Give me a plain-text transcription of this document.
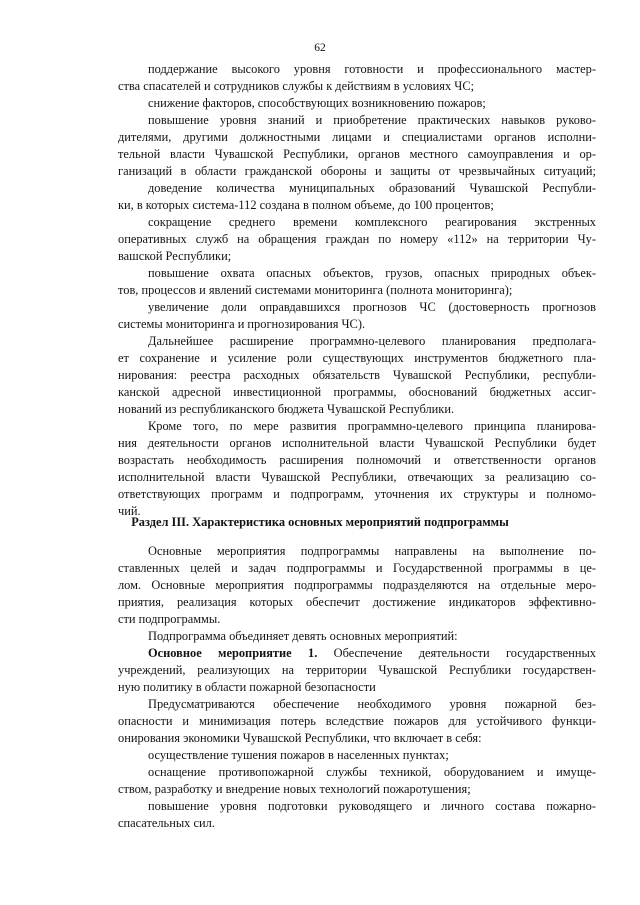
62
поддержание высокого уровня готовности и профессионального мастер-
ства спасателей и сотрудников службы к действиям в условиях ЧС;
снижение факторов, способствующих возникновению пожаров;
повышение уровня знаний и приобретение практических навыков руково-
дителями, другими должностными лицами и специалистами органов исполни-
тельной власти Чувашской Республики, органов местного самоуправления и ор-
ганизаций в области гражданской обороны и защиты от чрезвычайных ситуаций;
доведение количества муниципальных образований Чувашской Республи-
ки, в которых система-112 создана в полном объеме, до 100 процентов;
сокращение среднего времени комплексного реагирования экстренных
оперативных служб на обращения граждан по номеру «112» на территории Чу-
вашской Республики;
повышение охвата опасных объектов, грузов, опасных природных объек-
тов, процессов и явлений системами мониторинга (полнота мониторинга);
увеличение доли оправдавшихся прогнозов ЧС (достоверность прогнозов
системы мониторинга и прогнозирования ЧС).
Дальнейшее расширение программно-целевого планирования предполага-
ет сохранение и усиление роли существующих инструментов бюджетного пла-
нирования: реестра расходных обязательств Чувашской Республики, республи-
канской адресной инвестиционной программы, обоснований бюджетных ассиг-
нований из республиканского бюджета Чувашской Республики.
Кроме того, по мере развития программно-целевого принципа планирова-
ния деятельности органов исполнительной власти Чувашской Республики будет
возрастать необходимость расширения полномочий и ответственности органов
исполнительной власти Чувашской Республики, отвечающих за реализацию со-
ответствующих программ и подпрограмм, уточнения их структуры и полномо-
чий.
Раздел III. Характеристика основных мероприятий подпрограммы
Основные мероприятия подпрограммы направлены на выполнение по-
ставленных целей и задач подпрограммы и Государственной программы в це-
лом. Основные мероприятия подпрограммы подразделяются на отдельные меро-
приятия, реализация которых обеспечит достижение индикаторов эффективно-
сти подпрограммы.
Подпрограмма объединяет девять основных мероприятий:
Основное мероприятие 1. Обеспечение деятельности государственных
учреждений, реализующих на территории Чувашской Республики государствен-
ную политику в области пожарной безопасности
Предусматриваются обеспечение необходимого уровня пожарной без-
опасности и минимизация потерь вследствие пожаров для устойчивого функци-
онирования экономики Чувашской Республики, что включает в себя:
осуществление тушения пожаров в населенных пунктах;
оснащение противопожарной службы техникой, оборудованием и имуще-
ством, разработку и внедрение новых технологий пожаротушения;
повышение уровня подготовки руководящего и личного состава пожарно-
спасательных сил.
